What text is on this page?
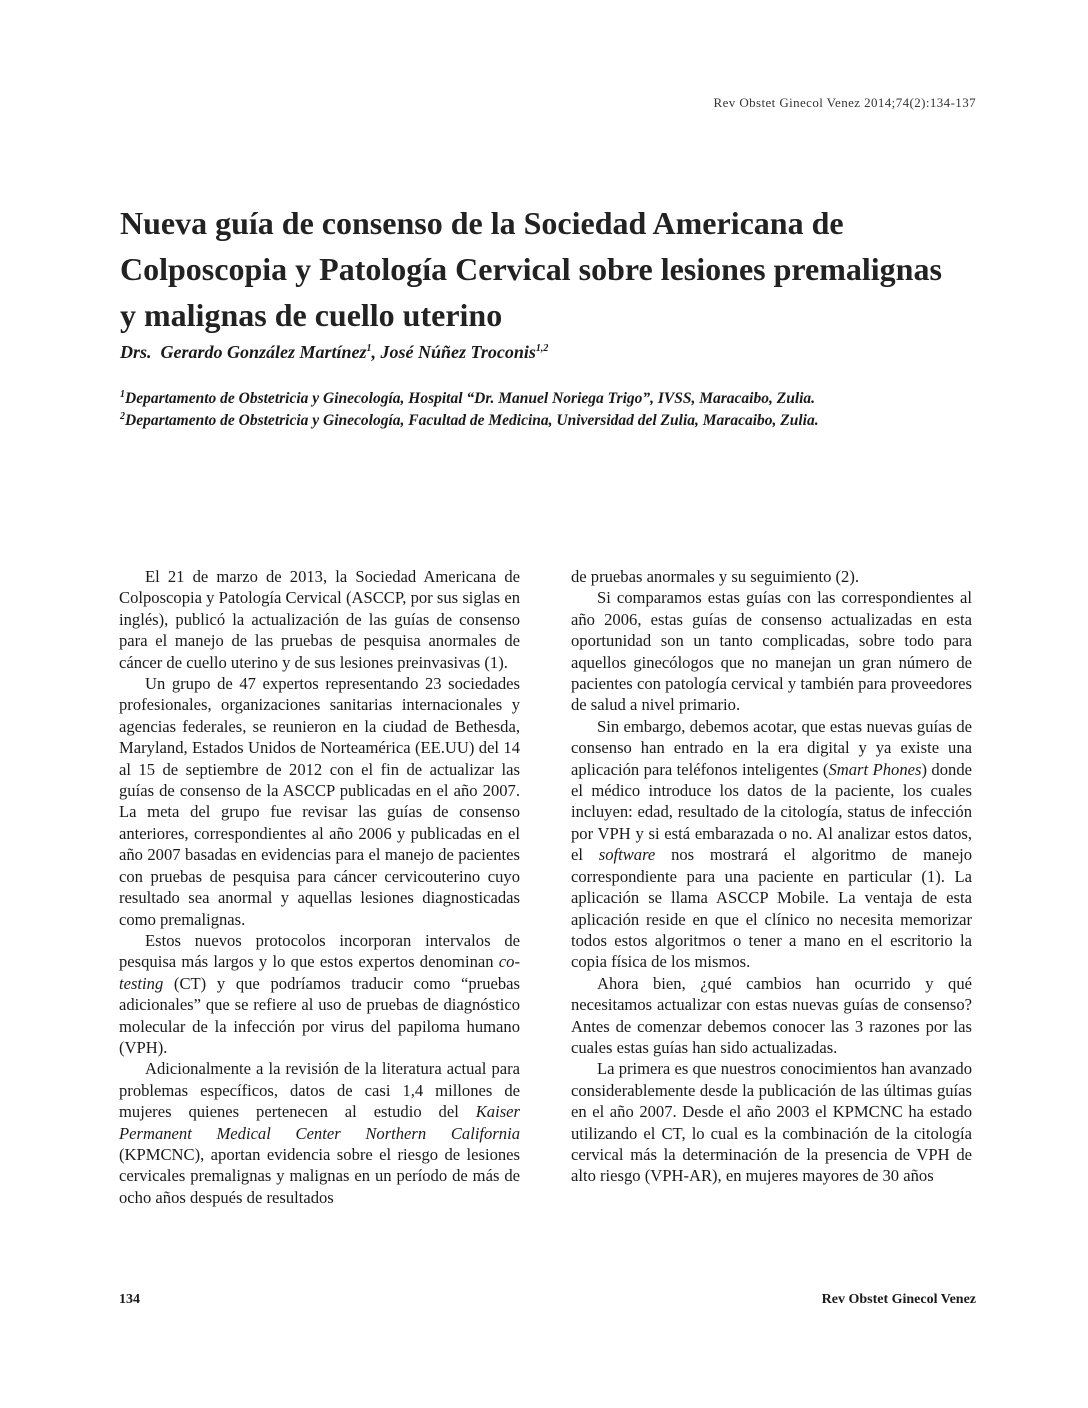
Rev Obstet Ginecol Venez 2014;74(2):134-137
Nueva guía de consenso de la Sociedad Americana de Colposcopia y Patología Cervical sobre lesiones premalignas y malignas de cuello uterino
Drs. Gerardo González Martínez$^1$, José Núñez Troconis$^{1,2}$
$^1$Departamento de Obstetricia y Ginecología, Hospital “Dr. Manuel Noriega Trigo”, IVSS, Maracaibo, Zulia.
$^2$Departamento de Obstetricia y Ginecología, Facultad de Medicina, Universidad del Zulia, Maracaibo, Zulia.

El 21 de marzo de 2013, la Sociedad Americana de Colposcopia y Patología Cervical (ASCCP, por sus siglas en inglés), publicó la actualización de las guías de consenso para el manejo de las pruebas de pesquisa anormales de cáncer de cuello uterino y de sus lesiones preinvasivas (1).

Un grupo de 47 expertos representando 23 sociedades profesionales, organizaciones sanitarias internacionales y agencias federales, se reunieron en la ciudad de Bethesda, Maryland, Estados Unidos de Norteamérica (EE.UU) del 14 al 15 de septiembre de 2012 con el fin de actualizar las guías de consenso de la ASCCP publicadas en el año 2007. La meta del grupo fue revisar las guías de consenso anteriores, correspondientes al año 2006 y publicadas en el año 2007 basadas en evidencias para el manejo de pacientes con pruebas de pesquisa para cáncer cervicouterino cuyo resultado sea anormal y aquellas lesiones diagnosticadas como premalignas.

Estos nuevos protocolos incorporan intervalos de pesquisa más largos y lo que estos expertos denominan co-testing (CT) y que podríamos traducir como “pruebas adicionales” que se refiere al uso de pruebas de diagnóstico molecular de la infección por virus del papiloma humano (VPH).

Adicionalmente a la revisión de la literatura actual para problemas específicos, datos de casi 1,4 millones de mujeres quienes pertenecen al estudio del Kaiser Permanent Medical Center Northern California (KPMCNC), aportan evidencia sobre el riesgo de lesiones cervicales premalignas y malignas en un período de más de ocho años después de resultados

de pruebas anormales y su seguimiento (2).

Si comparamos estas guías con las correspondientes al año 2006, estas guías de consenso actualizadas en esta oportunidad son un tanto complicadas, sobre todo para aquellos ginecólogos que no manejan un gran número de pacientes con patología cervical y también para proveedores de salud a nivel primario.

Sin embargo, debemos acotar, que estas nuevas guías de consenso han entrado en la era digital y ya existe una aplicación para teléfonos inteligentes (Smart Phones) donde el médico introduce los datos de la paciente, los cuales incluyen: edad, resultado de la citología, status de infección por VPH y si está embarazada o no. Al analizar estos datos, el software nos mostrará el algoritmo de manejo correspondiente para una paciente en particular (1). La aplicación se llama ASCCP Mobile. La ventaja de esta aplicación reside en que el clínico no necesita memorizar todos estos algoritmos o tener a mano en el escritorio la copia física de los mismos.

Ahora bien, ¿qué cambios han ocurrido y qué necesitamos actualizar con estas nuevas guías de consenso? Antes de comenzar debemos conocer las 3 razones por las cuales estas guías han sido actualizadas.

La primera es que nuestros conocimientos han avanzado considerablemente desde la publicación de las últimas guías en el año 2007. Desde el año 2003 el KPMCNC ha estado utilizando el CT, lo cual es la combinación de la citología cervical más la determinación de la presencia de VPH de alto riesgo (VPH-AR), en mujeres mayores de 30 años

134	Rev Obstet Ginecol Venez
